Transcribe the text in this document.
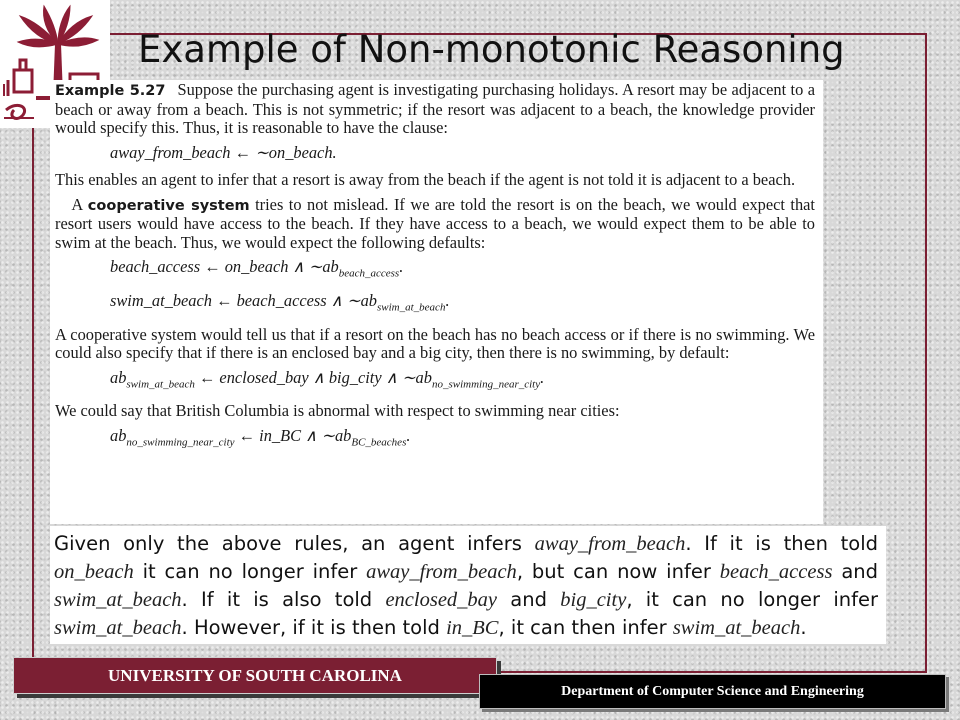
Example of Non-monotonic Reasoning

Example 5.27 Suppose the purchasing agent is investigating purchasing holidays. A resort may be adjacent to a beach or away from a beach. This is not symmetric; if the resort was adjacent to a beach, the knowledge provider would specify this. Thus, it is reasonable to have the clause:

away_from_beach ← ∼on_beach.

This enables an agent to infer that a resort is away from the beach if the agent is not told it is adjacent to a beach.

 A cooperative system tries to not mislead. If we are told the resort is on the beach, we would expect that resort users would have access to the beach. If they have access to a beach, we would expect them to be able to swim at the beach. Thus, we would expect the following defaults:

beach_access ← on_beach ∧ $\sim ab_{beach\_access}$.
swim_at_beach ← beach_access ∧ $\sim ab_{swim\_at\_beach}$.

A cooperative system would tell us that if a resort on the beach has no beach access or if there is no swimming. We could also specify that if there is an enclosed bay and a big city, then there is no swimming, by default:

$ab_{swim\_at\_beach}$ ← enclosed_bay ∧ big_city ∧ $\sim ab_{no\_swimming\_near\_city}$.

We could say that British Columbia is abnormal with respect to swimming near cities:

$ab_{no\_swimming\_near\_city}$ ← in_BC ∧ $\sim ab_{BC\_beaches}$.

Given only the above rules, an agent infers away_from_beach. If it is then told on_beach it can no longer infer away_from_beach, but can now infer beach_access and swim_at_beach. If it is also told enclosed_bay and big_city, it can no longer infer swim_at_beach. However, if it is then told in_BC, it can then infer swim_at_beach.

UNIVERSITY OF SOUTH CAROLINA
Department of Computer Science and Engineering
